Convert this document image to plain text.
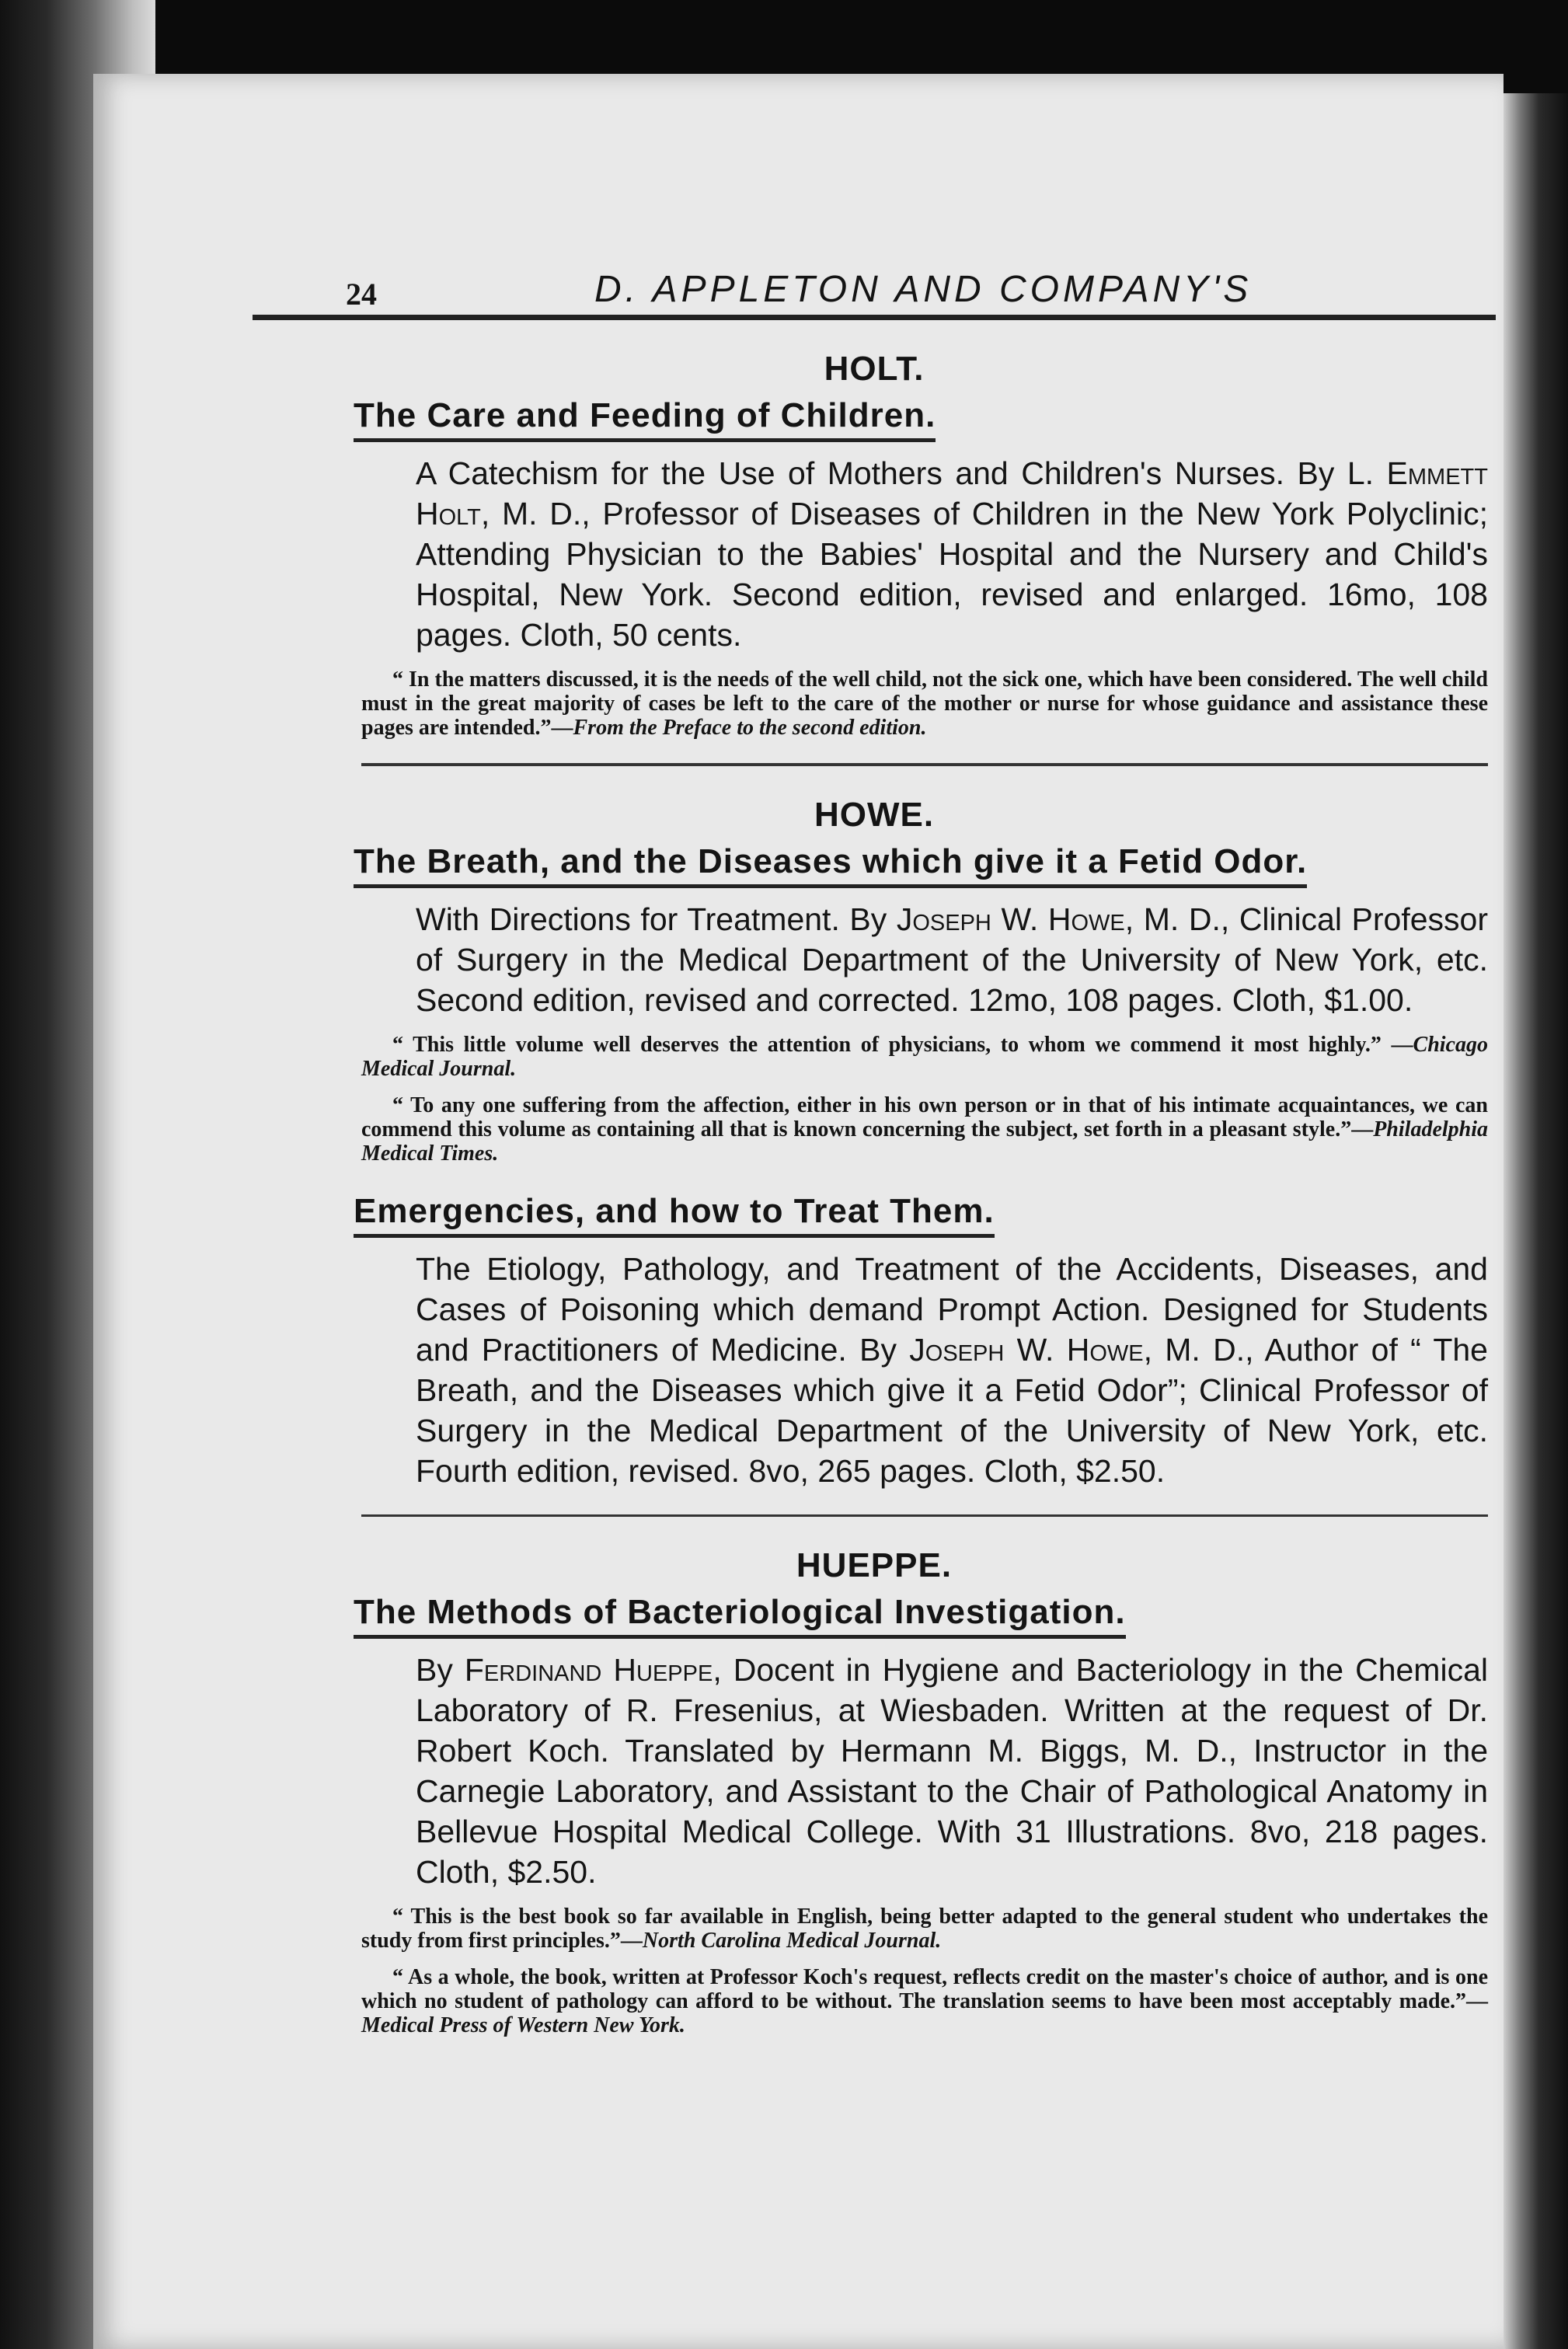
24	D. APPLETON AND COMPANY'S
HOLT.
The Care and Feeding of Children.
A Catechism for the Use of Mothers and Children's Nurses. By L. Emmett Holt, M. D., Professor of Diseases of Children in the New York Polyclinic; Attending Physician to the Babies' Hospital and the Nursery and Child's Hospital, New York. Second edition, revised and enlarged. 16mo, 108 pages. Cloth, 50 cents.
“ In the matters discussed, it is the needs of the well child, not the sick one, which have been considered. The well child must in the great majority of cases be left to the care of the mother or nurse for whose guidance and assistance these pages are intended.”—From the Preface to the second edition.
HOWE.
The Breath, and the Diseases which give it a Fetid Odor.
With Directions for Treatment. By Joseph W. Howe, M. D., Clinical Professor of Surgery in the Medical Department of the University of New York, etc. Second edition, revised and corrected. 12mo, 108 pages. Cloth, $1.00.
“ This little volume well deserves the attention of physicians, to whom we commend it most highly.” —Chicago Medical Journal.
“ To any one suffering from the affection, either in his own person or in that of his intimate acquaintances, we can commend this volume as containing all that is known concerning the subject, set forth in a pleasant style.”—Philadelphia Medical Times.
Emergencies, and how to Treat Them.
The Etiology, Pathology, and Treatment of the Accidents, Diseases, and Cases of Poisoning which demand Prompt Action. Designed for Students and Practitioners of Medicine. By Joseph W. Howe, M. D., Author of “ The Breath, and the Diseases which give it a Fetid Odor”; Clinical Professor of Surgery in the Medical Department of the University of New York, etc. Fourth edition, revised. 8vo, 265 pages. Cloth, $2.50.
HUEPPE.
The Methods of Bacteriological Investigation.
By Ferdinand Hueppe, Docent in Hygiene and Bacteriology in the Chemical Laboratory of R. Fresenius, at Wiesbaden. Written at the request of Dr. Robert Koch. Translated by Hermann M. Biggs, M. D., Instructor in the Carnegie Laboratory, and Assistant to the Chair of Pathological Anatomy in Bellevue Hospital Medical College. With 31 Illustrations. 8vo, 218 pages. Cloth, $2.50.
“ This is the best book so far available in English, being better adapted to the general student who undertakes the study from first principles.”—North Carolina Medical Journal.
“ As a whole, the book, written at Professor Koch's request, reflects credit on the master's choice of author, and is one which no student of pathology can afford to be without. The translation seems to have been most acceptably made.”—Medical Press of Western New York.
